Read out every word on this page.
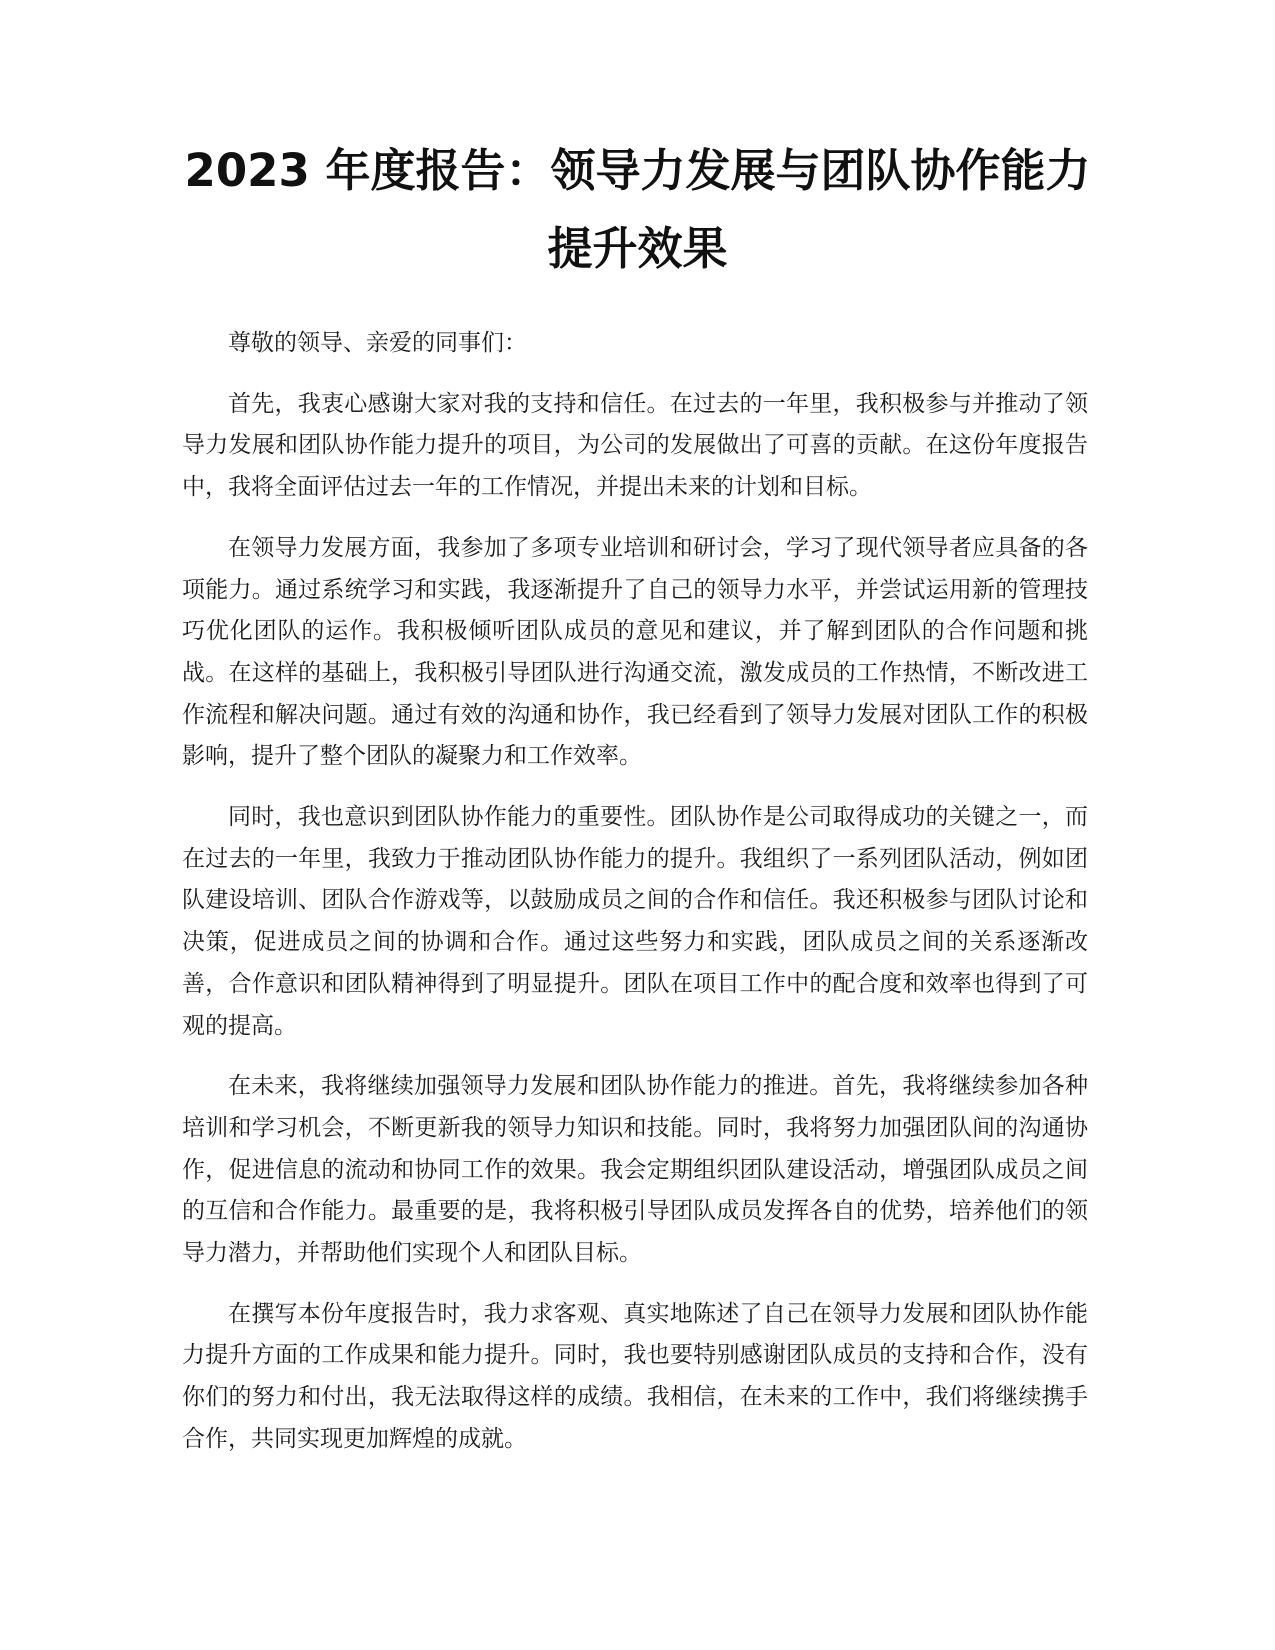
2023 年度报告：领导力发展与团队协作能力
提升效果

尊敬的领导、亲爱的同事们：

首先，我衷心感谢大家对我的支持和信任。在过去的一年里，我积极参与并推动了领导力发展和团队协作能力提升的项目，为公司的发展做出了可喜的贡献。在这份年度报告中，我将全面评估过去一年的工作情况，并提出未来的计划和目标。

在领导力发展方面，我参加了多项专业培训和研讨会，学习了现代领导者应具备的各项能力。通过系统学习和实践，我逐渐提升了自己的领导力水平，并尝试运用新的管理技巧优化团队的运作。我积极倾听团队成员的意见和建议，并了解到团队的合作问题和挑战。在这样的基础上，我积极引导团队进行沟通交流，激发成员的工作热情，不断改进工作流程和解决问题。通过有效的沟通和协作，我已经看到了领导力发展对团队工作的积极影响，提升了整个团队的凝聚力和工作效率。

同时，我也意识到团队协作能力的重要性。团队协作是公司取得成功的关键之一，而在过去的一年里，我致力于推动团队协作能力的提升。我组织了一系列团队活动，例如团队建设培训、团队合作游戏等，以鼓励成员之间的合作和信任。我还积极参与团队讨论和决策，促进成员之间的协调和合作。通过这些努力和实践，团队成员之间的关系逐渐改善，合作意识和团队精神得到了明显提升。团队在项目工作中的配合度和效率也得到了可观的提高。

在未来，我将继续加强领导力发展和团队协作能力的推进。首先，我将继续参加各种培训和学习机会，不断更新我的领导力知识和技能。同时，我将努力加强团队间的沟通协作，促进信息的流动和协同工作的效果。我会定期组织团队建设活动，增强团队成员之间的互信和合作能力。最重要的是，我将积极引导团队成员发挥各自的优势，培养他们的领导力潜力，并帮助他们实现个人和团队目标。

在撰写本份年度报告时，我力求客观、真实地陈述了自己在领导力发展和团队协作能力提升方面的工作成果和能力提升。同时，我也要特别感谢团队成员的支持和合作，没有你们的努力和付出，我无法取得这样的成绩。我相信，在未来的工作中，我们将继续携手合作，共同实现更加辉煌的成就。
